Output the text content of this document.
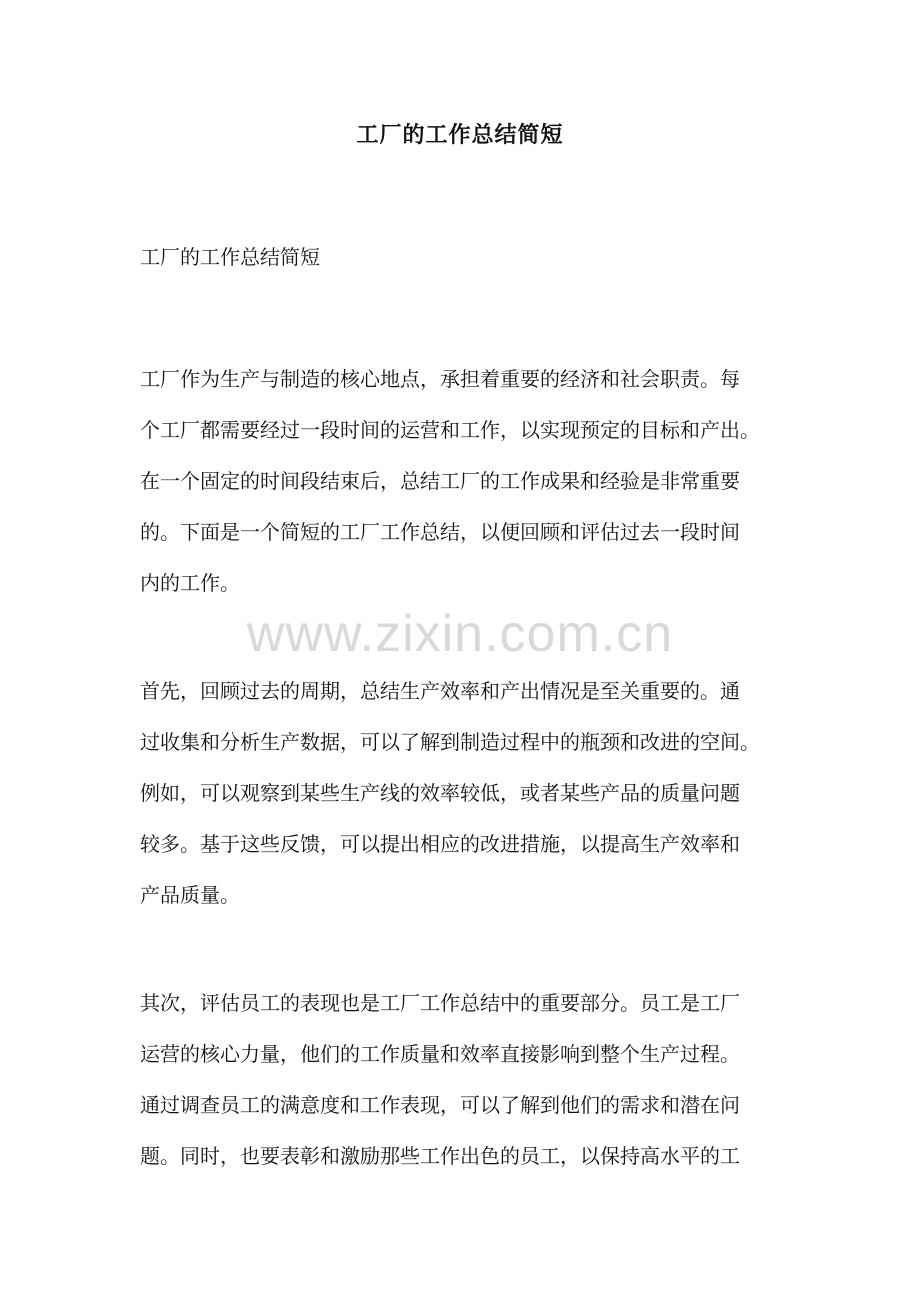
工厂的工作总结简短
工厂的工作总结简短
工厂作为生产与制造的核心地点，承担着重要的经济和社会职责。每
个工厂都需要经过一段时间的运营和工作，以实现预定的目标和产出。
在一个固定的时间段结束后，总结工厂的工作成果和经验是非常重要
的。下面是一个简短的工厂工作总结，以便回顾和评估过去一段时间
内的工作。
www.zixin.com.cn
首先，回顾过去的周期，总结生产效率和产出情况是至关重要的。通
过收集和分析生产数据，可以了解到制造过程中的瓶颈和改进的空间。
例如，可以观察到某些生产线的效率较低，或者某些产品的质量问题
较多。基于这些反馈，可以提出相应的改进措施，以提高生产效率和
产品质量。
其次，评估员工的表现也是工厂工作总结中的重要部分。员工是工厂
运营的核心力量，他们的工作质量和效率直接影响到整个生产过程。
通过调查员工的满意度和工作表现，可以了解到他们的需求和潜在问
题。同时，也要表彰和激励那些工作出色的员工，以保持高水平的工
